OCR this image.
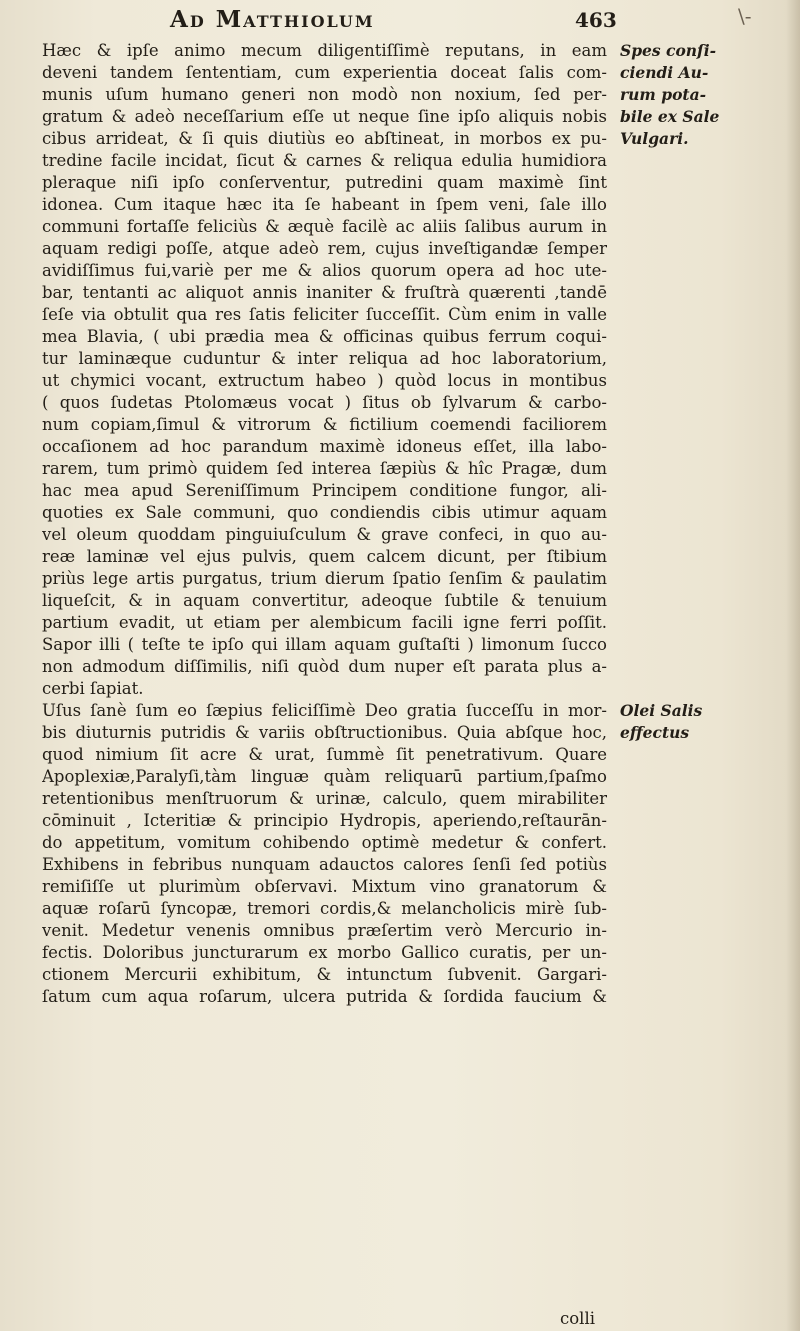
Ad Matthiolum	463	\-
Hæc & ipſe animo mecum diligentiſſimè reputans, in eam
deveni tandem ſententiam, cum experientia doceat ſalis com-
munis uſum humano generi non modò non noxium, ſed per-
gratum & adeò neceſſarium eſſe ut neque ſine ipſo aliquis nobis
cibus arrideat, & ſi quis diutiùs eo abſtineat, in morbos ex pu-
tredine facile incidat, ſicut & carnes & reliqua edulia humidiora
pleraque niſi ipſo conſerventur, putredini quam maximè ſint
idonea. Cum itaque hæc ita ſe habeant in ſpem veni, ſale illo
communi fortaſſe feliciùs & æquè facilè ac aliis ſalibus aurum in
aquam redigi poſſe, atque adeò rem, cujus inveſtigandæ ſemper
avidiſſimus fui,variè per me & alios quorum opera ad hoc ute-
bar, tentanti ac aliquot annis inaniter & fruſtrà quærenti ,tandē
ſeſe via obtulit qua res ſatis feliciter ſucceſſit. Cùm enim in valle
mea Blavia, ( ubi prædia mea & officinas quibus ferrum coqui-
tur laminæque cuduntur & inter reliqua ad hoc laboratorium,
ut chymici vocant, extructum habeo ) quòd locus in montibus
( quos ſudetas Ptolomæus vocat ) ſitus ob ſylvarum & carbo-
num copiam,ſimul & vitrorum & fictilium coemendi faciliorem
occaſionem ad hoc parandum maximè idoneus eſſet, illa labo-
rarem, tum primò quidem ſed interea ſæpiùs & hîc Pragæ, dum
hac mea apud Sereniſſimum Principem conditione fungor, ali-
quoties ex Sale communi, quo condiendis cibis utimur aquam
vel oleum quoddam pinguiuſculum & grave confeci, in quo au-
reæ laminæ vel ejus pulvis, quem calcem dicunt, per ſtibium
priùs lege artis purgatus, trium dierum ſpatio ſenſim & paulatim
liqueſcit, & in aquam convertitur, adeoque ſubtile & tenuium
partium evadit, ut etiam per alembicum facili igne ferri poſſit.
Sapor illi ( teſte te ipſo qui illam aquam guſtaſti ) limonum ſucco
non admodum diſſimilis, niſi quòd dum nuper eſt parata plus a-
cerbi ſapiat.
Uſus ſanè ſum eo ſæpius feliciſſimè Deo gratia ſucceſſu in mor-
bis diuturnis putridis & variis obſtructionibus. Quia abſque hoc,
quod nimium ſit acre & urat, ſummè ſit penetrativum. Quare
Apoplexiæ,Paralyſi,tàm linguæ quàm reliquarū partium,ſpaſmo
retentionibus menſtruorum & urinæ, calculo, quem mirabiliter
cōminuit , Icteritiæ & principio Hydropis, aperiendo,reſtaurān-
do appetitum, vomitum cohibendo optimè medetur & confert.
Exhibens in febribus nunquam adauctos calores ſenſi ſed potiùs
remiſiſſe ut plurimùm obſervavi. Mixtum vino granatorum &
aquæ roſarū ſyncopæ, tremori cordis,& melancholicis mirè ſub-
venit. Medetur venenis omnibus præſertim verò Mercurio in-
fectis. Doloribus juncturarum ex morbo Gallico curatis, per un-
ctionem Mercurii exhibitum, & intunctum ſubvenit. Gargari-
ſatum cum aqua roſarum, ulcera putrida & ſordida faucium &
Spes conſi-
ciendi Au-
rum pota-
bile ex Sale
Vulgari.
Olei Salis
effectus
colli
